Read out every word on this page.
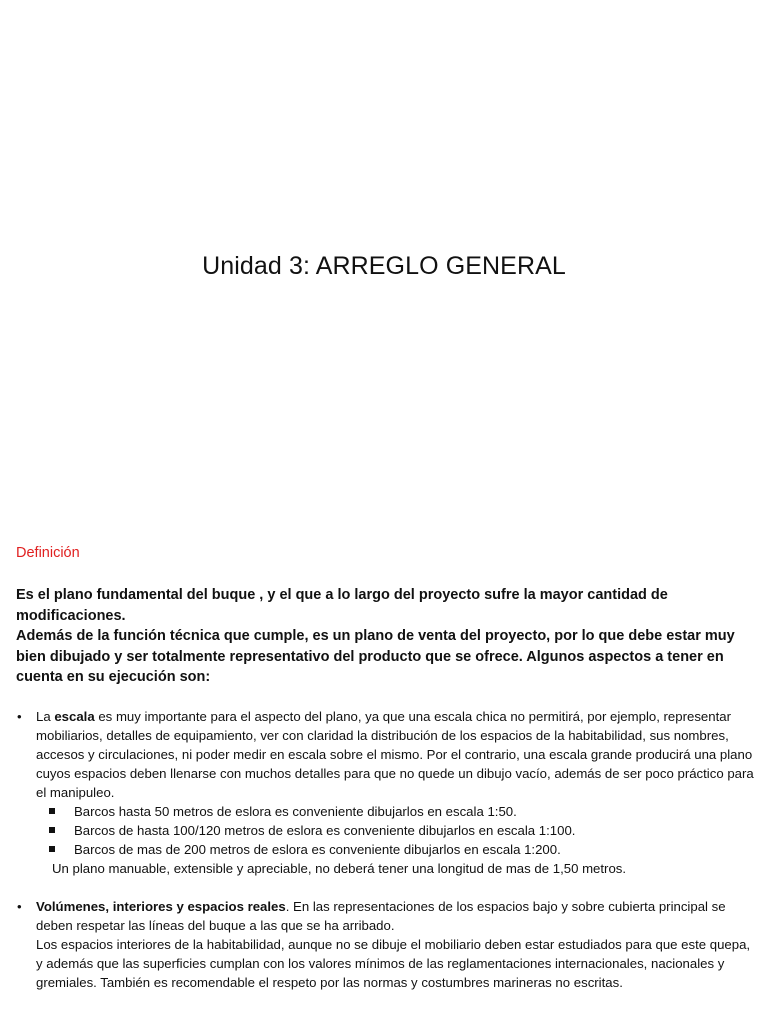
Unidad 3: ARREGLO GENERAL
Definición

Es el plano fundamental del buque , y el que a lo largo del proyecto sufre la mayor cantidad de modificaciones.

Además de la función técnica que cumple, es un plano de venta del proyecto, por lo que debe estar muy bien dibujado y ser totalmente representativo del producto que se ofrece. Algunos aspectos a tener en cuenta en su ejecución son:

• La escala es muy importante para el aspecto del plano, ya que una escala chica no permitirá, por ejemplo, representar mobiliarios, detalles de equipamiento, ver con claridad la distribución de los espacios de la habitabilidad, sus nombres, accesos y circulaciones, ni poder medir en escala sobre el mismo. Por el contrario, una escala grande producirá una plano cuyos espacios deben llenarse con muchos detalles para que no quede un dibujo vacío, además de ser poco práctico para el manipuleo.
Barcos hasta 50 metros de eslora es conveniente dibujarlos en escala 1:50.
Barcos de hasta 100/120 metros de eslora es conveniente dibujarlos en escala 1:100.
Barcos de mas de 200 metros de eslora es conveniente dibujarlos en escala 1:200.
Un plano manuable, extensible y apreciable, no deberá tener una longitud de mas de 1,50 metros.
• Volúmenes, interiores y espacios reales. En las representaciones de los espacios bajo y sobre cubierta principal se deben respetar las líneas del buque a las que se ha arribado.
Los espacios interiores de la habitabilidad, aunque no se dibuje el mobiliario deben estar estudiados para que este quepa, y además que las superficies cumplan con los valores mínimos de las reglamentaciones internacionales, nacionales y gremiales. También es recomendable el respeto por las normas y costumbres marineras no escritas.
